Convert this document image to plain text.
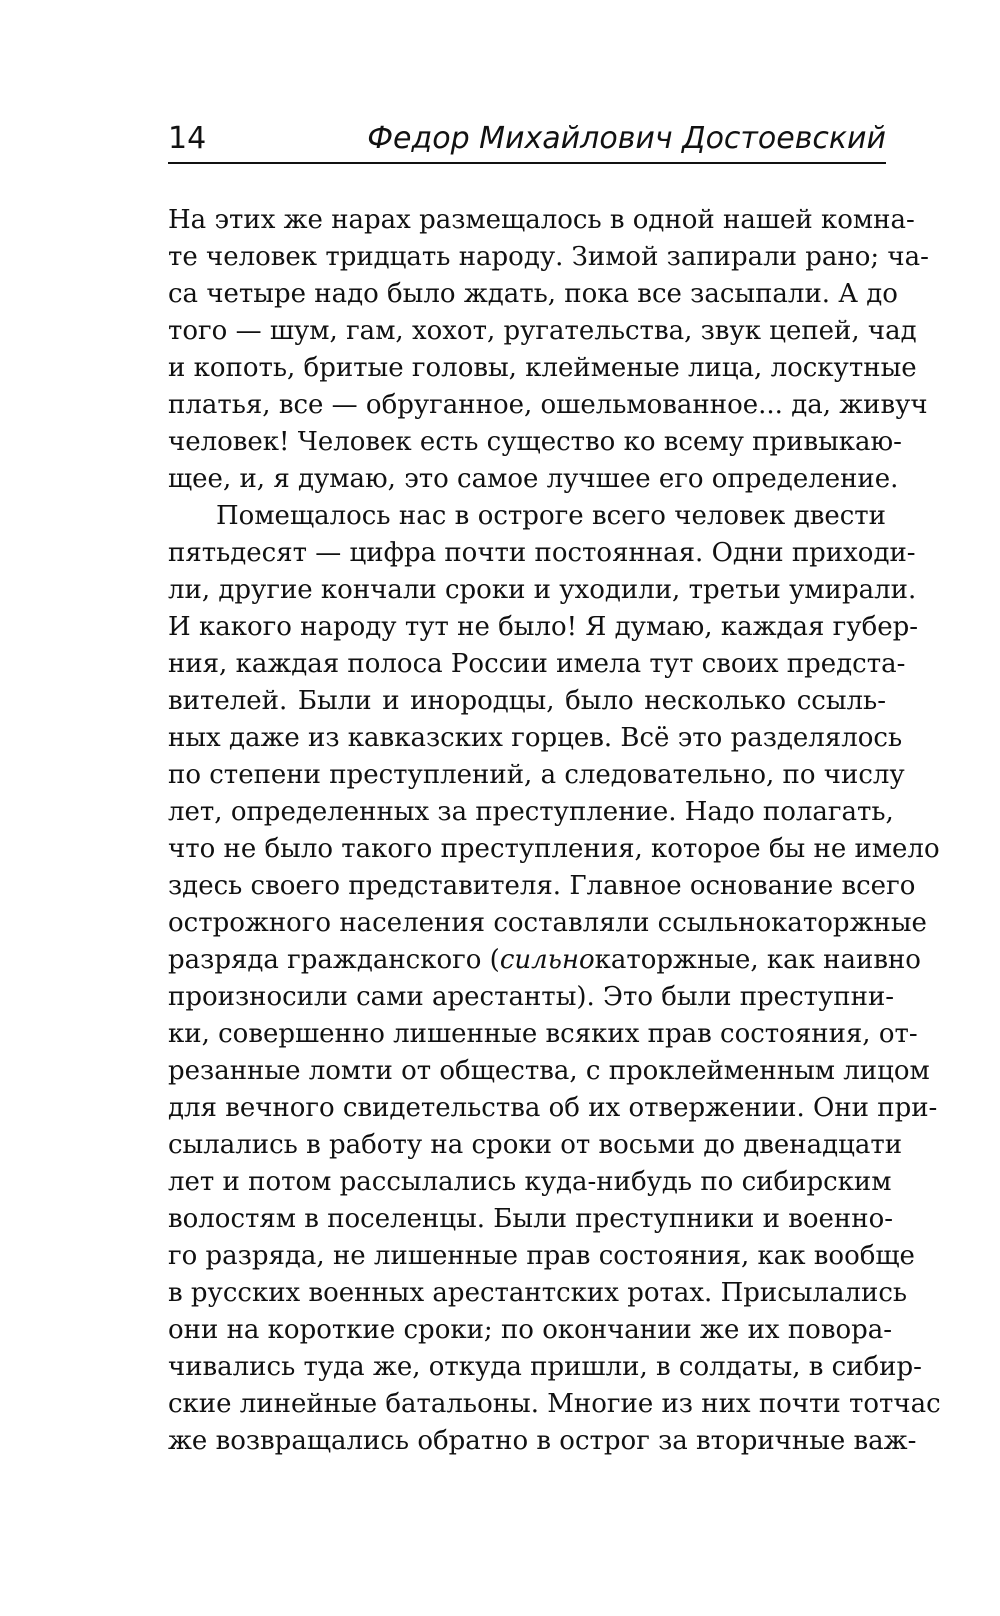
14	Федор Михайлович Достоевский
На этих же нарах размещалось в одной нашей комна-
те человек тридцать народу. Зимой запирали рано; ча-
са четыре надо было ждать, пока все засыпали. А до
того — шум, гам, хохот, ругательства, звук цепей, чад
и копоть, бритые головы, клейменые лица, лоскутные
платья, все — обруганное, ошельмованное... да, живуч
человек! Человек есть существо ко всему привыкаю-
щее, и, я думаю, это самое лучшее его определение.
Помещалось нас в остроге всего человек двести
пятьдесят — цифра почти постоянная. Одни приходи-
ли, другие кончали сроки и уходили, третьи умирали.
И какого народу тут не было! Я думаю, каждая губер-
ния, каждая полоса России имела тут своих предста-
вителей. Были и инородцы, было несколько ссыль-
ных даже из кавказских горцев. Всё это разделялось
по степени преступлений, а следовательно, по числу
лет, определенных за преступление. Надо полагать,
что не было такого преступления, которое бы не имело
здесь своего представителя. Главное основание всего
острожного населения составляли ссыльнокаторжные
разряда гражданского (сильнокаторжные, как наивно
произносили сами арестанты). Это были преступни-
ки, совершенно лишенные всяких прав состояния, от-
резанные ломти от общества, с проклейменным лицом
для вечного свидетельства об их отвержении. Они при-
сылались в работу на сроки от восьми до двенадцати
лет и потом рассылались куда-нибудь по сибирским
волостям в поселенцы. Были преступники и военно-
го разряда, не лишенные прав состояния, как вообще
в русских военных арестантских ротах. Присылались
они на короткие сроки; по окончании же их повора-
чивались туда же, откуда пришли, в солдаты, в сибир-
ские линейные батальоны. Многие из них почти тотчас
же возвращались обратно в острог за вторичные важ-
